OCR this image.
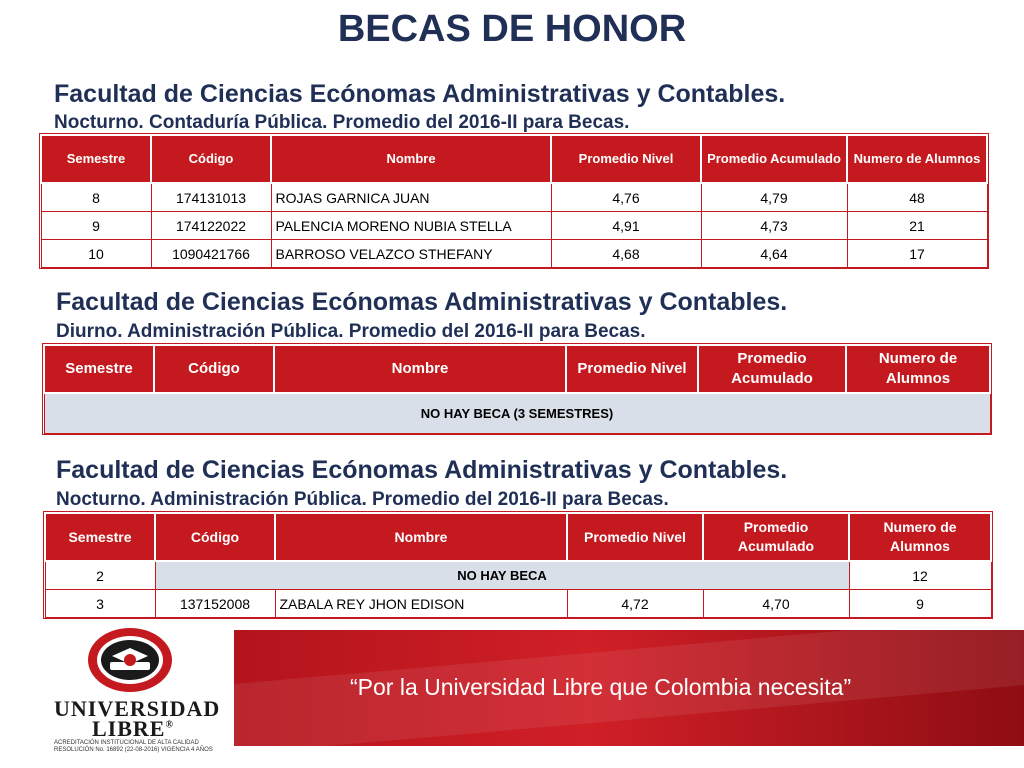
BECAS DE HONOR
Facultad de Ciencias Ecónomas Administrativas y Contables.
Nocturno. Contaduría Pública. Promedio del 2016-II para Becas.
Semestre	Código	Nombre	Promedio Nivel	Promedio Acumulado	Numero de Alumnos
8	174131013	ROJAS GARNICA JUAN	4,76	4,79	48
9	174122022	PALENCIA MORENO NUBIA STELLA	4,91	4,73	21
10	1090421766	BARROSO VELAZCO STHEFANY	4,68	4,64	17
Facultad de Ciencias Ecónomas Administrativas y Contables.
Diurno. Administración Pública. Promedio del 2016-II para Becas.
Semestre	Código	Nombre	Promedio Nivel	Promedio Acumulado	Numero de Alumnos
NO HAY BECA (3 SEMESTRES)
Facultad de Ciencias Ecónomas Administrativas y Contables.
Nocturno. Administración Pública. Promedio del 2016-II para Becas.
Semestre	Código	Nombre	Promedio Nivel	Promedio Acumulado	Numero de Alumnos
2	NO HAY BECA				12
3	137152008	ZABALA REY JHON EDISON	4,72	4,70	9
UNIVERSIDAD
LIBRE®
ACREDITACIÓN INSTITUCIONAL DE ALTA CALIDAD
RESOLUCIÓN No. 16892 (22-08-2016) VIGENCIA 4 AÑOS
“Por la Universidad Libre que Colombia necesita”
